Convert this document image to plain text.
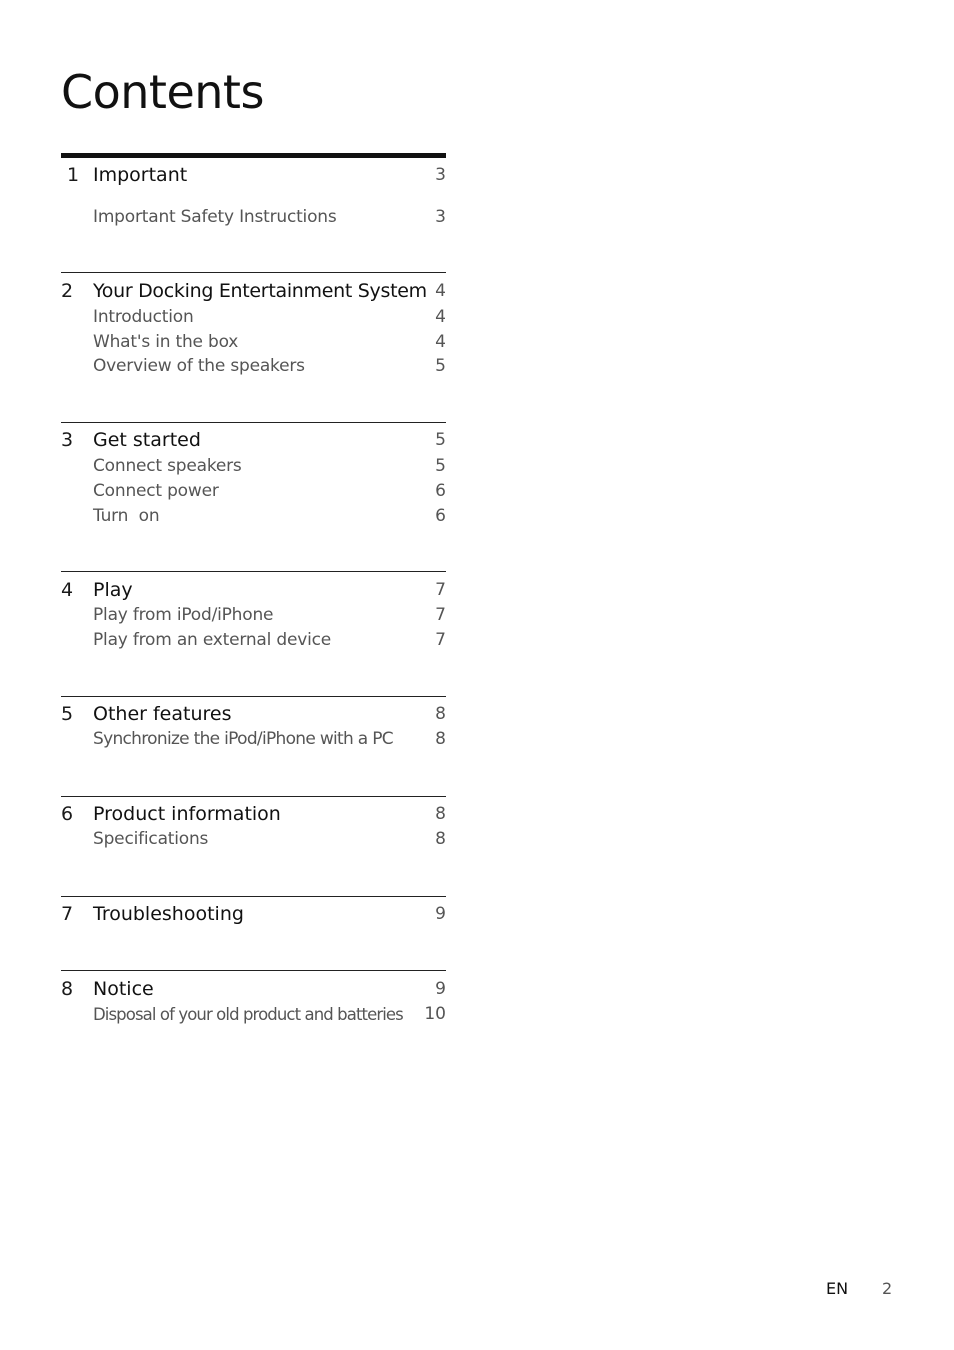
Contents
1 Important	3
Important Safety Instructions	3
2 Your Docking Entertainment System 4
Introduction	4
What's in the box	4
Overview of the speakers	5
3 Get started	5
Connect speakers	5
Connect power	6
Turn  on	6
4 Play	7
Play from iPod/iPhone	7
Play from an external device	7
5 Other features	8
Synchronize the iPod/iPhone with a PC 8
6 Product information	8
Specifications	8
7 Troubleshooting	9
8 Notice	9
Disposal of your old product and batteries 10
EN 2
